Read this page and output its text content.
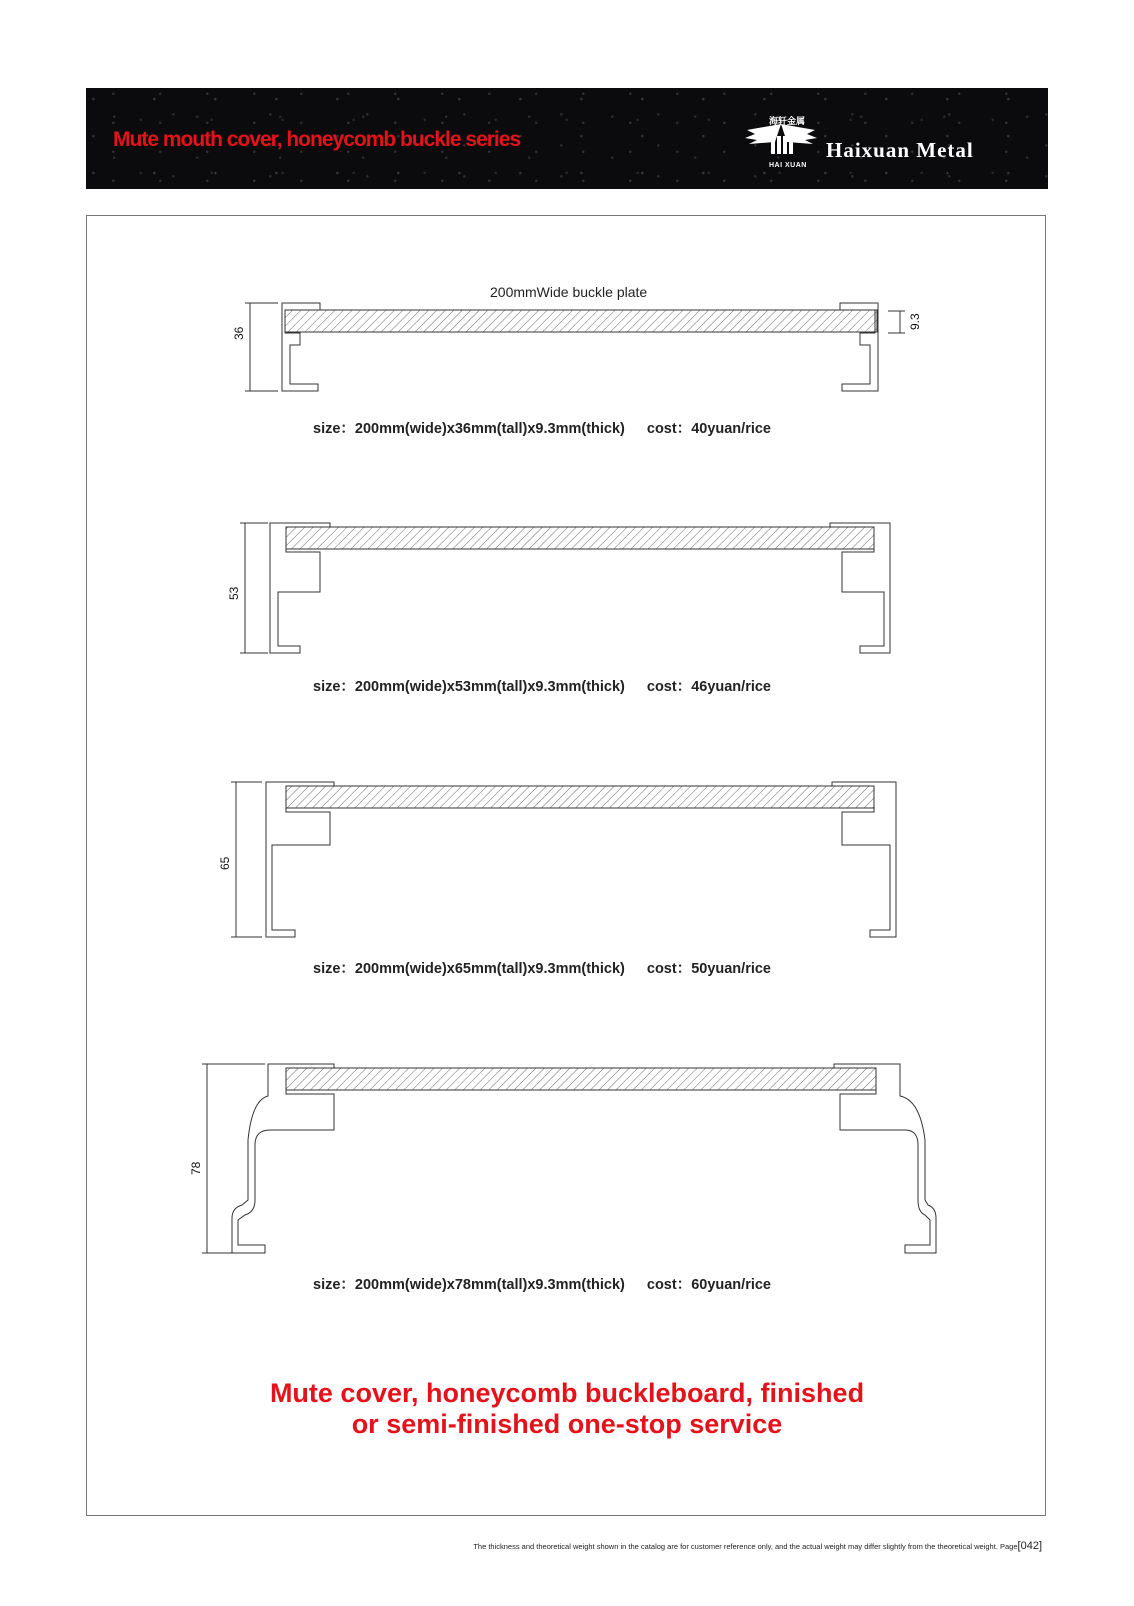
Mute mouth cover, honeycomb buckle series
海轩金属
HAI XUAN
Haixuan Metal
36
9.3
53
65
78
200mmWide buckle plate
size：200mm(wide)x36mm(tall)x9.3mm(thick) cost：40yuan/rice
size：200mm(wide)x53mm(tall)x9.3mm(thick) cost：46yuan/rice
size：200mm(wide)x65mm(tall)x9.3mm(thick) cost：50yuan/rice
size：200mm(wide)x78mm(tall)x9.3mm(thick) cost：60yuan/rice
Mute cover, honeycomb buckleboard, finished
or semi-finished one-stop service
The thickness and theoretical weight shown in the catalog are for customer reference only, and the actual weight may differ slightly from the theoretical weight. Page[042]
